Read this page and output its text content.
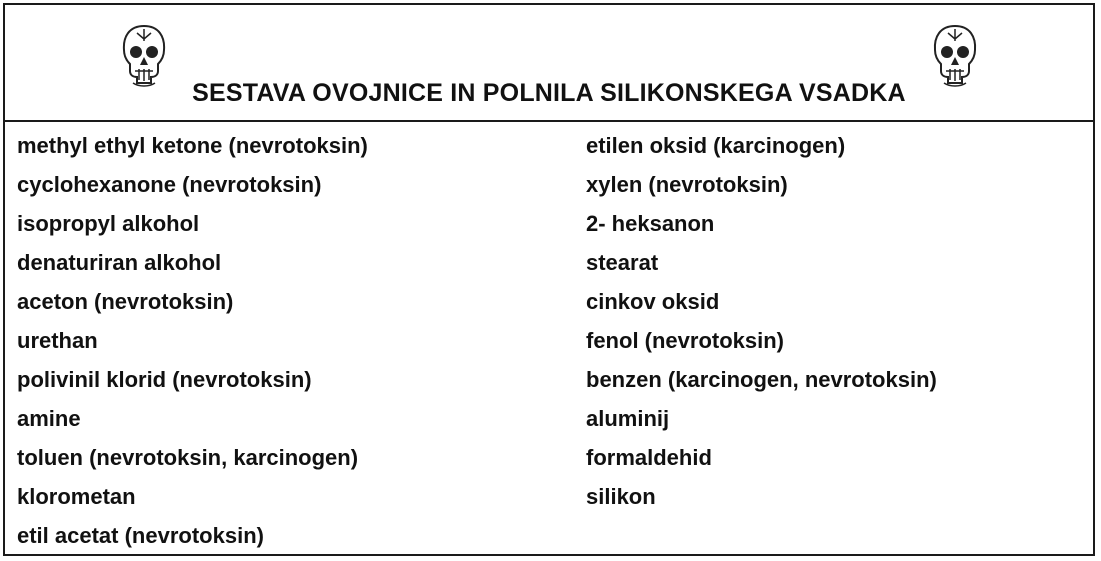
SESTAVA OVOJNICE IN POLNILA SILIKONSKEGA VSADKA
methyl ethyl ketone (nevrotoksin)
cyclohexanone (nevrotoksin)
isopropyl alkohol
denaturiran alkohol
aceton (nevrotoksin)
urethan
polivinil klorid (nevrotoksin)
amine
toluen (nevrotoksin, karcinogen)
klorometan
etil acetat (nevrotoksin)
etilen oksid (karcinogen)
xylen (nevrotoksin)
2- heksanon
stearat
cinkov oksid
fenol (nevrotoksin)
benzen (karcinogen, nevrotoksin)
aluminij
formaldehid
silikon
